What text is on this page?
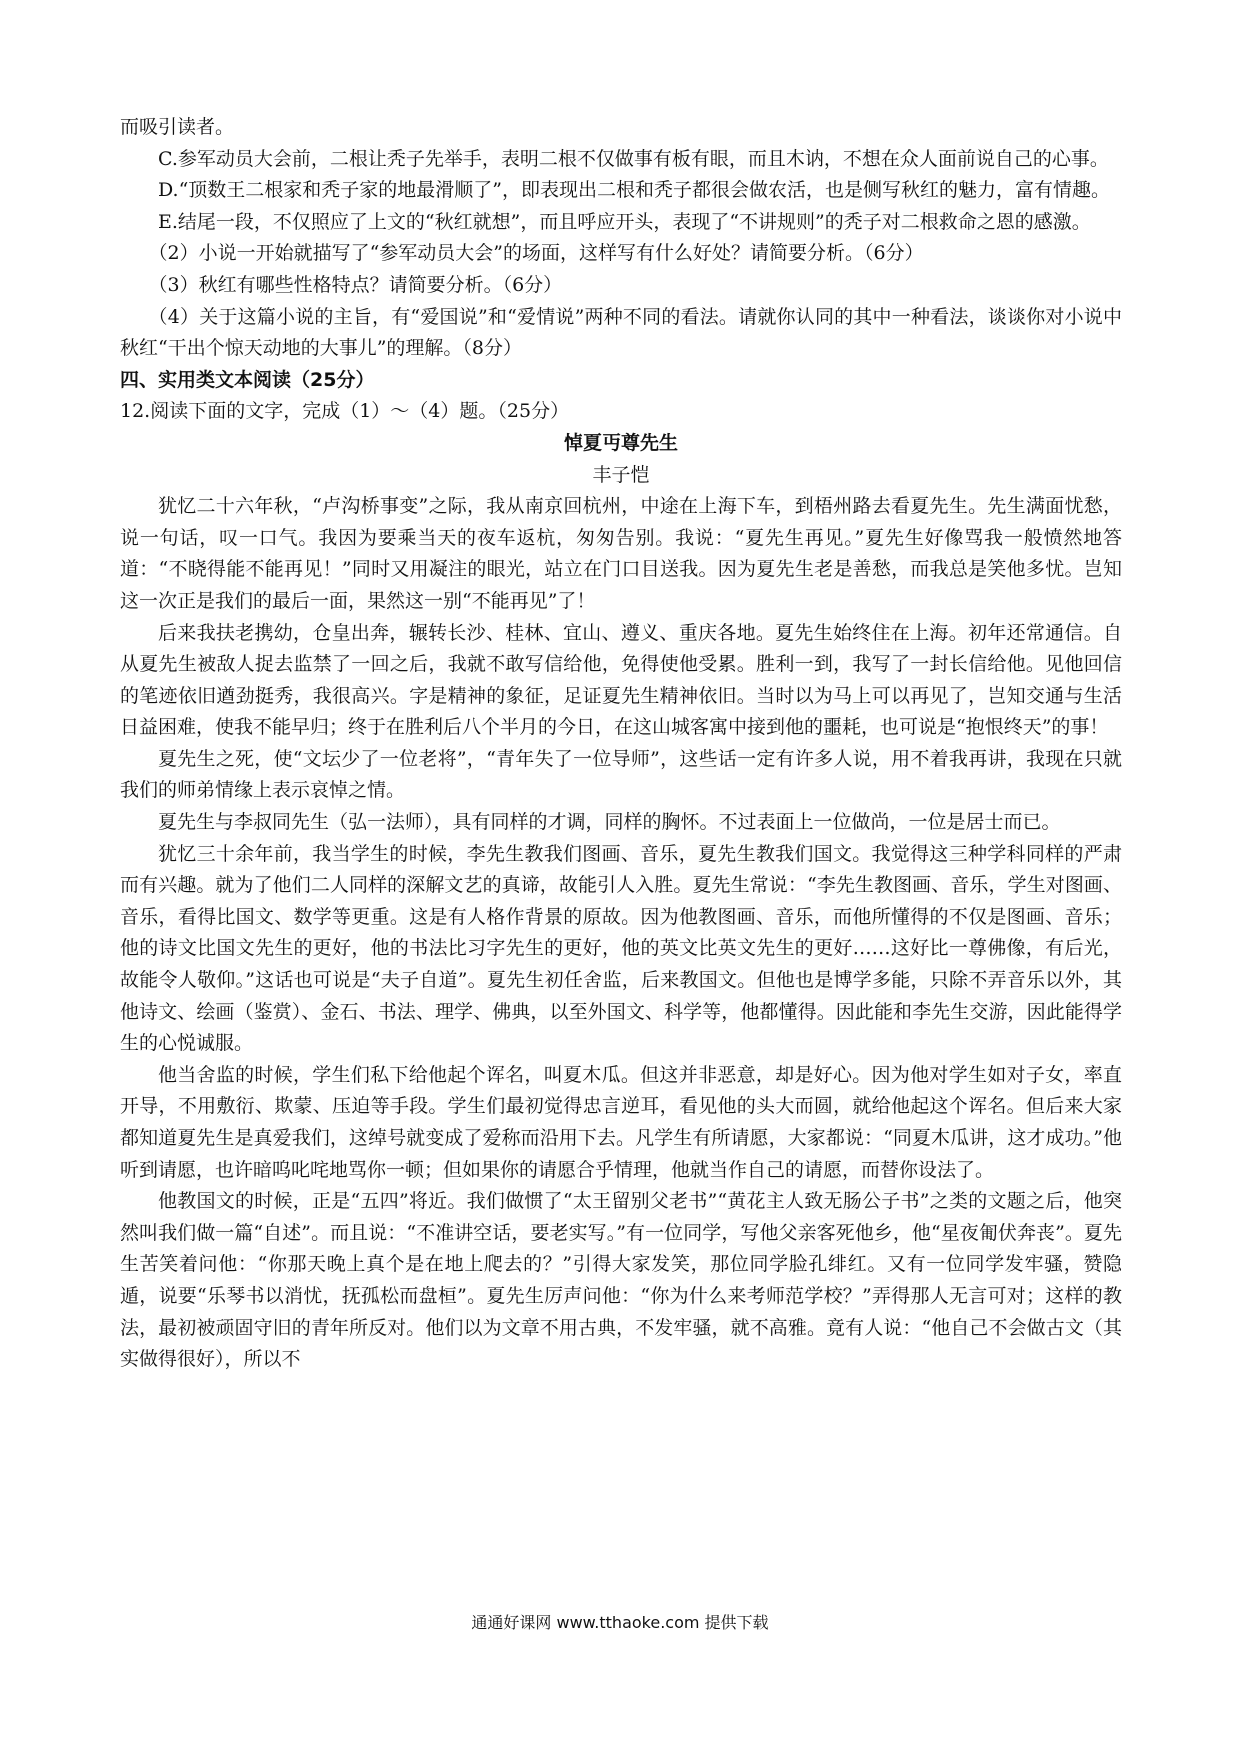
而吸引读者。

C.参军动员大会前，二根让秃子先举手，表明二根不仅做事有板有眼，而且木讷，不想在众人面前说自己的心事。

D.“顶数王二根家和秃子家的地最滑顺了”，即表现出二根和秃子都很会做农活，也是侧写秋红的魅力，富有情趣。

E.结尾一段，不仅照应了上文的“秋红就想”，而且呼应开头，表现了“不讲规则”的秃子对二根救命之恩的感激。

（2）小说一开始就描写了“参军动员大会”的场面，这样写有什么好处？请简要分析。（6分）

（3）秋红有哪些性格特点？请简要分析。（6分）

（4）关于这篇小说的主旨，有“爱国说”和“爱情说”两种不同的看法。请就你认同的其中一种看法，谈谈你对小说中秋红“干出个惊天动地的大事儿”的理解。（8分）

四、实用类文本阅读（25分）

12.阅读下面的文字，完成（1）～（4）题。（25分）

悼夏丏尊先生

丰子恺

犹忆二十六年秋，“卢沟桥事变”之际，我从南京回杭州，中途在上海下车，到梧州路去看夏先生。先生满面忧愁，说一句话，叹一口气。我因为要乘当天的夜车返杭，匆匆告别。我说：“夏先生再见。”夏先生好像骂我一般愤然地答道：“不晓得能不能再见！”同时又用凝注的眼光，站立在门口目送我。因为夏先生老是善愁，而我总是笑他多忧。岂知这一次正是我们的最后一面，果然这一别“不能再见”了！

后来我扶老携幼，仓皇出奔，辗转长沙、桂林、宜山、遵义、重庆各地。夏先生始终住在上海。初年还常通信。自从夏先生被敌人捉去监禁了一回之后，我就不敢写信给他，免得使他受累。胜利一到，我写了一封长信给他。见他回信的笔迹依旧遒劲挺秀，我很高兴。字是精神的象征，足证夏先生精神依旧。当时以为马上可以再见了，岂知交通与生活日益困难，使我不能早归；终于在胜利后八个半月的今日，在这山城客寓中接到他的噩耗，也可说是“抱恨终天”的事！

夏先生之死，使“文坛少了一位老将”，“青年失了一位导师”，这些话一定有许多人说，用不着我再讲，我现在只就我们的师弟情缘上表示哀悼之情。

夏先生与李叔同先生（弘一法师），具有同样的才调，同样的胸怀。不过表面上一位做尚，一位是居士而已。

犹忆三十余年前，我当学生的时候，李先生教我们图画、音乐，夏先生教我们国文。我觉得这三种学科同样的严肃而有兴趣。就为了他们二人同样的深解文艺的真谛，故能引人入胜。夏先生常说：“李先生教图画、音乐，学生对图画、音乐，看得比国文、数学等更重。这是有人格作背景的原故。因为他教图画、音乐，而他所懂得的不仅是图画、音乐；他的诗文比国文先生的更好，他的书法比习字先生的更好，他的英文比英文先生的更好……这好比一尊佛像，有后光，故能令人敬仰。”这话也可说是“夫子自道”。夏先生初任舍监，后来教国文。但他也是博学多能，只除不弄音乐以外，其他诗文、绘画（鉴赏）、金石、书法、理学、佛典，以至外国文、科学等，他都懂得。因此能和李先生交游，因此能得学生的心悦诚服。

他当舍监的时候，学生们私下给他起个诨名，叫夏木瓜。但这并非恶意，却是好心。因为他对学生如对子女，率直开导，不用敷衍、欺蒙、压迫等手段。学生们最初觉得忠言逆耳，看见他的头大而圆，就给他起这个诨名。但后来大家都知道夏先生是真爱我们，这绰号就变成了爱称而沿用下去。凡学生有所请愿，大家都说：“同夏木瓜讲，这才成功。”他听到请愿，也许暗呜叱咤地骂你一顿；但如果你的请愿合乎情理，他就当作自己的请愿，而替你设法了。

他教国文的时候，正是“五四”将近。我们做惯了“太王留别父老书”“黄花主人致无肠公子书”之类的文题之后，他突然叫我们做一篇“自述”。而且说：“不准讲空话，要老实写。”有一位同学，写他父亲客死他乡，他“星夜匍伏奔丧”。夏先生苦笑着问他：“你那天晚上真个是在地上爬去的？”引得大家发笑，那位同学脸孔绯红。又有一位同学发牢骚，赞隐遁，说要“乐琴书以消忧，抚孤松而盘桓”。夏先生厉声问他：“你为什么来考师范学校？”弄得那人无言可对；这样的教法，最初被顽固守旧的青年所反对。他们以为文章不用古典，不发牢骚，就不高雅。竟有人说：“他自己不会做古文（其实做得很好），所以不

通通好课网 www.tthaoke.com 提供下载
